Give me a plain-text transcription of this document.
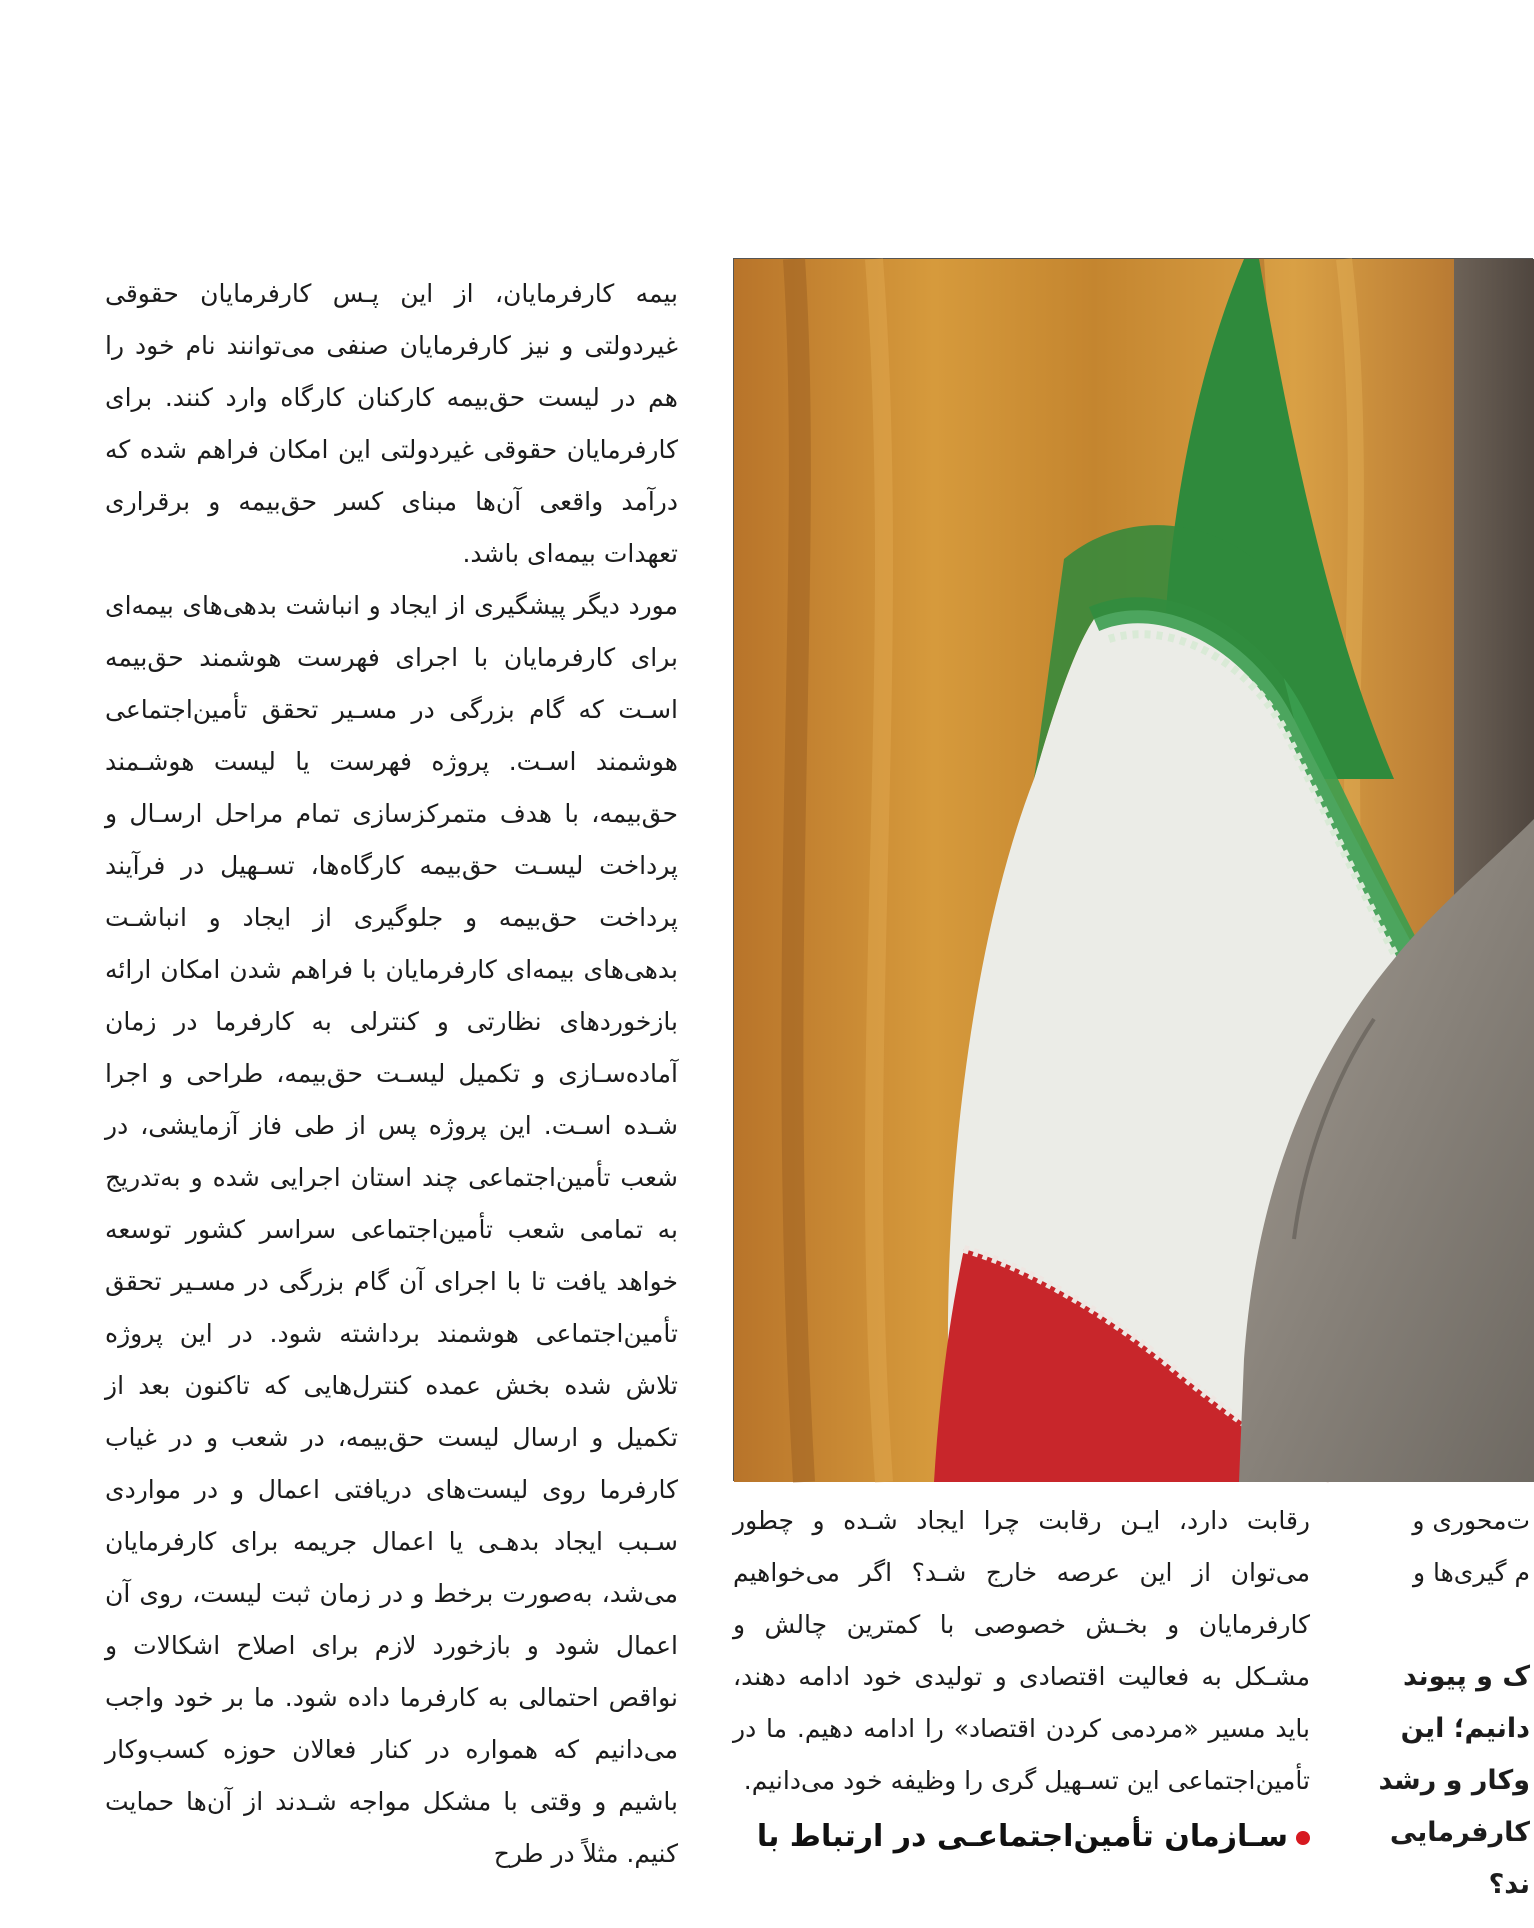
بیمه کارفرمایان، از این پـس کارفرمایان حقوقی غیردولتی و نیز کارفرمایان صنفی می‌توانند نام خود را هم در لیست حق‌بیمه کارکنان کارگاه وارد کنند. برای کارفرمایان حقوقی غیردولتی این امکان فراهم شده که درآمد واقعی آن‌ها مبنای کسر حق‌بیمه و برقراری تعهدات بیمه‌ای باشد.

مورد دیگر پیشگیری از ایجاد و انباشت بدهی‌های بیمه‌ای برای کارفرمایان با اجرای فهرست هوشمند حق‌بیمه اسـت که گام بزرگی در مسـیر تحقق تأمین‌اجتماعی هوشمند اسـت. پروژه فهرست یا لیست هوشـمند حق‌بیمه، با هدف متمرکزسازی تمام مراحل ارسـال و پرداخت لیسـت حق‌بیمه کارگاه‌ها، تسـهیل در فرآیند پرداخت حق‌بیمه و جلوگیری از ایجاد و انباشـت بدهی‌های بیمه‌ای کارفرمایان با فراهم شدن امکان ارائه بازخوردهای نظارتی و کنترلی به کارفرما در زمان آماده‌سـازی و تکمیل لیسـت حق‌بیمه، طراحی و اجرا شـده اسـت. این پروژه پس از طی فاز آزمایشی، در شعب تأمین‌اجتماعی چند استان اجرایی شده و به‌تدریج به تمامی شعب تأمین‌اجتماعی سراسر کشور توسعه خواهد یافت تا با اجرای آن گام بزرگی در مسـیر تحقق تأمین‌اجتماعی هوشمند برداشته شود. در این پروژه تلاش شده بخش عمده کنترل‌هایی که تاکنون بعد از تکمیل و ارسال لیست حق‌بیمه، در شعب و در غیاب کارفرما روی لیست‌های دریافتی اعمال و در مواردی سـبب ایجاد بدهـی یا اعمال جریمه برای کارفرمایان می‌شد، به‌صورت برخط و در زمان ثبت لیست، روی آن اعمال شود و بازخورد لازم برای اصلاح اشکالات و نواقص احتمالی به کارفرما داده شود. ما بر خود واجب می‌دانیم که همواره در کنار فعالان حوزه کسب‌وکار باشیم و وقتی با مشکل مواجه شـدند از آن‌ها حمایت کنیم. مثلاً در طرح

رقابت دارد، ایـن رقابت چرا ایجاد شـده و چطور می‌توان از این عرصه خارج شـد؟ اگر می‌خواهیم کارفرمایان و بخـش خصوصی با کمترین چالش و مشـکل به فعالیت اقتصادی و تولیدی خود ادامه دهند، باید مسیر «مردمی کردن اقتصاد» را ادامه دهیم. ما در تأمین‌اجتماعی این تسـهیل گری را وظیفه خود می‌دانیم.

سـازمان تأمین‌اجتماعـی در ارتباط با

ت‌محوری و

م گیری‌ها و

ک و پیوند

دانیم؛ این

وکار و رشد

کارفرمایی

ند؟
